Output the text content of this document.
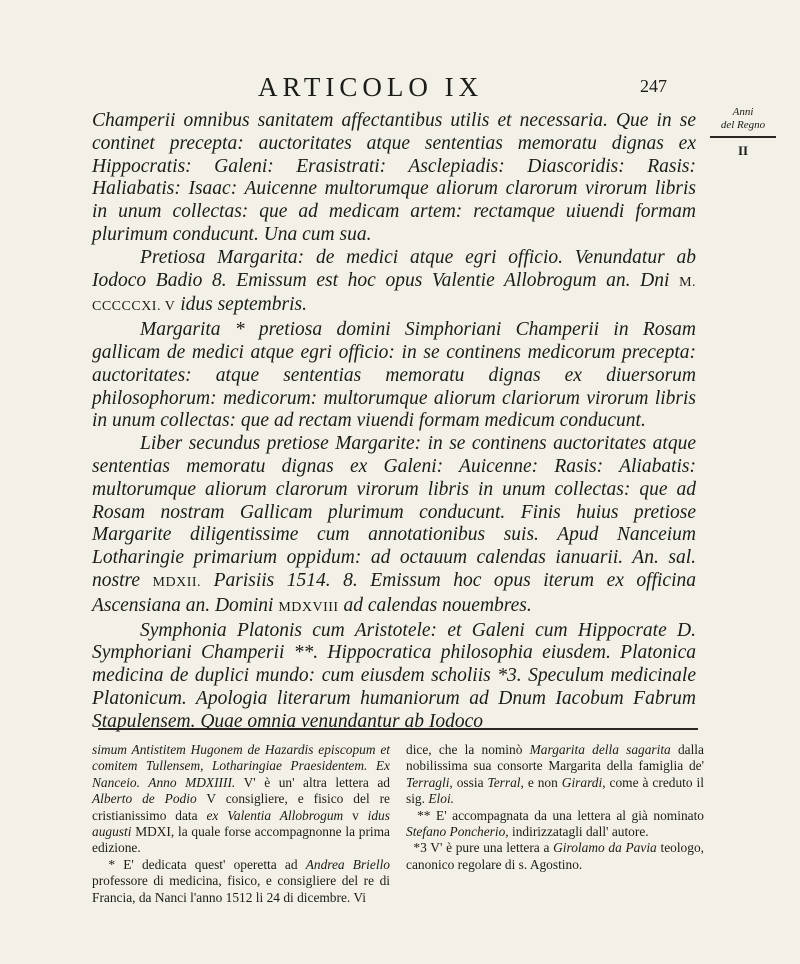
ARTICOLO IX	247
Anni
del Regno
II

Champerii omnibus sanitatem affectantibus utilis et necessaria. Que in se continet precepta: auctoritates atque sententias memoratu dignas ex Hippocratis: Galeni: Erasistrati: Asclepiadis: Diascoridis: Rasis: Haliabatis: Isaac: Auicenne multorumque aliorum clarorum virorum libris in unum collectas: que ad medicam artem: rectamque uiuendi formam plurimum conducunt. Una cum sua.

Pretiosa Margarita: de medici atque egri officio. Venundatur ab Iodoco Badio 8. Emissum est hoc opus Valentie Allobrogum an. Dni M. CCCCCXI. V idus septembris.

Margarita * pretiosa domini Simphoriani Champerii in Rosam gallicam de medici atque egri officio: in se continens medicorum precepta: auctoritates: atque sententias memoratu dignas ex diuersorum philosophorum: medicorum: multorumque aliorum clariorum virorum libris in unum collectas: que ad rectam viuendi formam medicum conducunt.

Liber secundus pretiose Margarite: in se continens auctoritates atque sententias memoratu dignas ex Galeni: Auicenne: Rasis: Aliabatis: multorumque aliorum clarorum virorum libris in unum collectas: que ad Rosam nostram Gallicam plurimum conducunt. Finis huius pretiose Margarite diligentissime cum annotationibus suis. Apud Nanceium Lotharingie primarium oppidum: ad octauum calendas ianuarii. An. sal. nostre MDXII. Parisiis 1514. 8. Emissum hoc opus iterum ex officina Ascensiana an. Domini MDXVIII ad calendas nouembres.

Symphonia Platonis cum Aristotele: et Galeni cum Hippocrate D. Symphoriani Champerii **. Hippocratica philosophia eiusdem. Platonica medicina de duplici mundo: cum eiusdem scholiis *3. Speculum medicinale Platonicum. Apologia literarum humaniorum ad Dnum Iacobum Fabrum Stapulensem. Quae omnia venundantur ab Iodoco

simum Antistitem Hugonem de Hazardis episcopum et comitem Tullensem, Lotharingiae Praesidentem. Ex Nanceio. Anno MDXIIII. V' è un' altra lettera ad Alberto de Podio V consigliere, e fisico del re cristianissimo data ex Valentia Allobrogum v idus augusti MDXI, la quale forse accompagnonne la prima edizione.

* E' dedicata quest' operetta ad Andrea Briello professore di medicina, fisico, e consigliere del re di Francia, da Nanci l'anno 1512 li 24 di dicembre. Vi

dice, che la nominò Margarita della sagarita dalla nobilissima sua consorte Margarita della famiglia de' Terragli, ossia Terral, e non Girardi, come à creduto il sig. Eloi.

** E' accompagnata da una lettera al già nominato Stefano Poncherio, indirizzatagli dall' autore.

*3 V' è pure una lettera a Girolamo da Pavia teologo, canonico regolare di s. Agostino.
